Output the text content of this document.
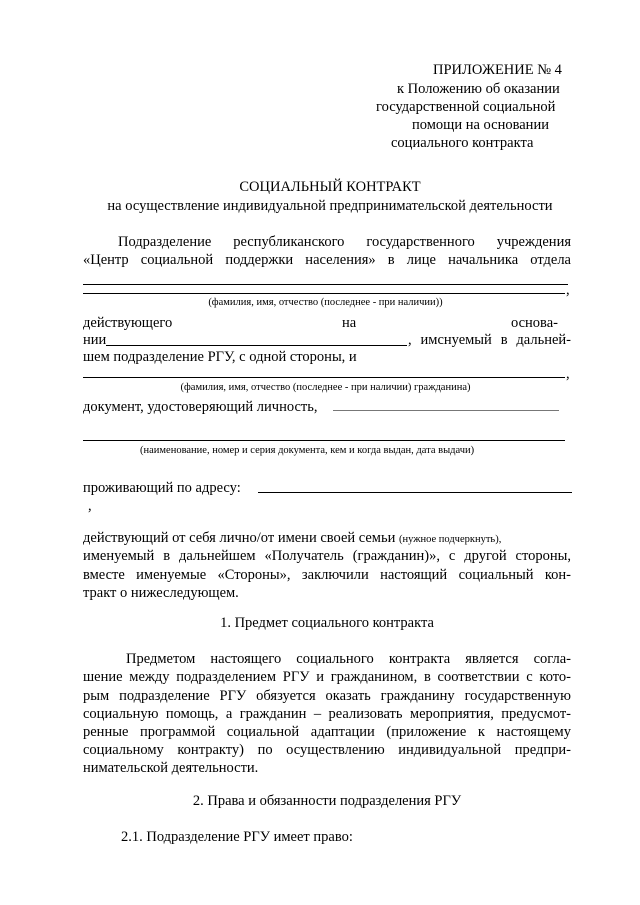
ПРИЛОЖЕНИЕ № 4
к Положению об оказании
государственной социальной
помощи на основании
социального контракта
СОЦИАЛЬНЫЙ КОНТРАКТ
на осуществление индивидуальной предпринимательской деятельности
Подразделение республиканского государственного учреждения
«Центр социальной поддержки населения» в лице начальника отдела
,
(фамилия, имя, отчество (последнее - при наличии))
действующего	на	основа-
нии	, имснуемый в дальней-
шем подразделение РГУ, с одной стороны, и
,
(фамилия, имя, отчество (последнее - при наличии) гражданина)
документ, удостоверяющий личность,
(наименование, номер и серия документа, кем и когда выдан, дата выдачи)
проживающий по адресу:
,
действующий от себя лично/от имени своей семьи (нужное подчеркнуть),
именуемый в дальнейшем «Получатель (гражданин)», с другой стороны,
вместе именуемые «Стороны», заключили настоящий социальный кон-
тракт о нижеследующем.
1. Предмет социального контракта
Предметом настоящего социального контракта является согла-
шение между подразделением РГУ и гражданином, в соответствии с кото-
рым подразделение РГУ обязуется оказать гражданину государственную
социальную помощь, а гражданин – реализовать мероприятия, предусмот-
ренные программой социальной адаптации (приложение к настоящему
социальному контракту) по осуществлению индивидуальной предпри-
нимательской деятельности.
2. Права и обязанности подразделения РГУ
2.1. Подразделение РГУ имеет право:
